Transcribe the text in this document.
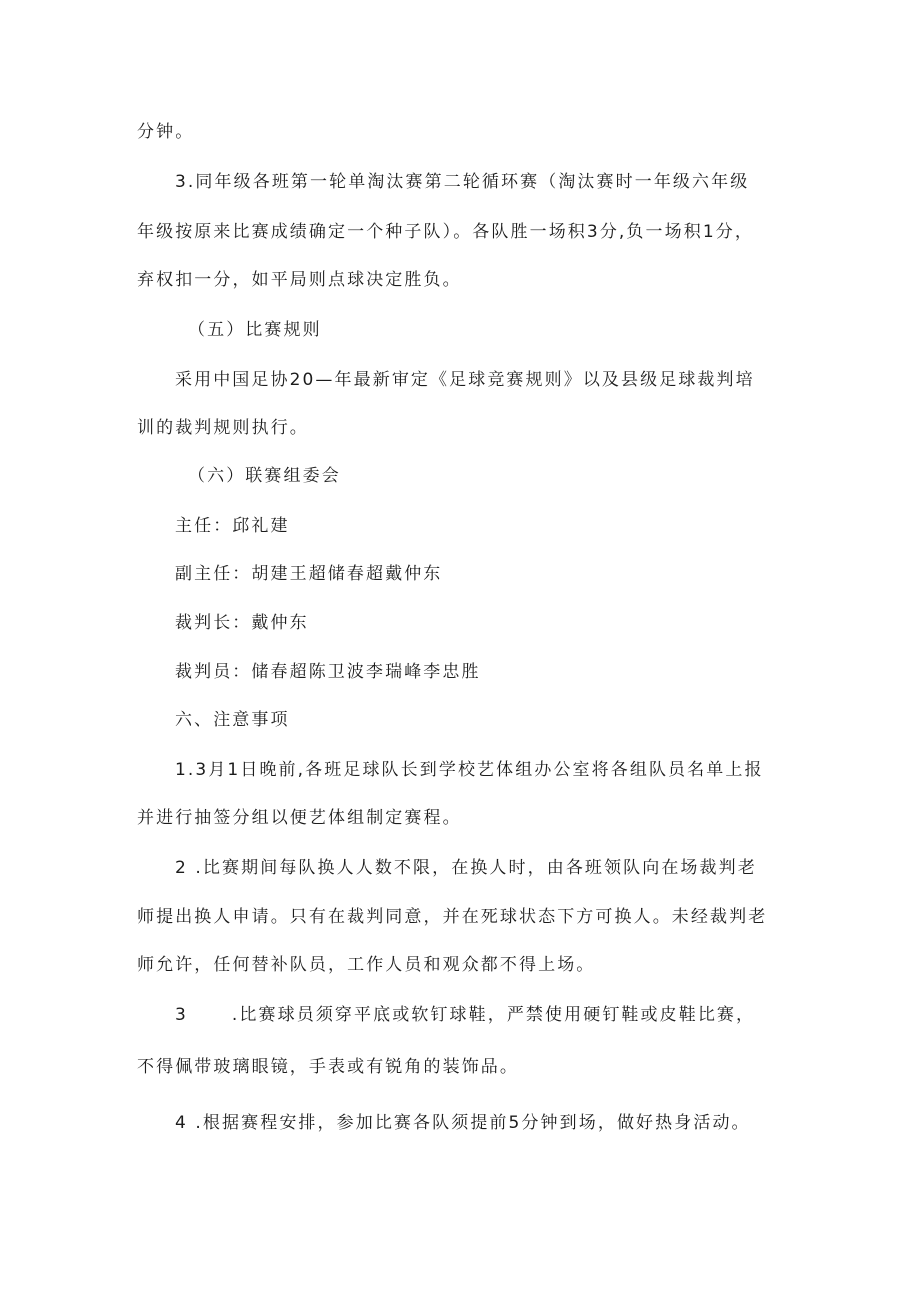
分钟。
3.同年级各班第一轮单淘汰赛第二轮循环赛（淘汰赛时一年级六年级
年级按原来比赛成绩确定一个种子队）。各队胜一场积3分,负一场积1分，
弃权扣一分，如平局则点球决定胜负。
（五）比赛规则
采用中国足协20—年最新审定《足球竞赛规则》以及县级足球裁判培
训的裁判规则执行。
（六）联赛组委会
主任：邱礼建
副主任：胡建王超储春超戴仲东
裁判长：戴仲东
裁判员：储春超陈卫波李瑞峰李忠胜
六、注意事项
1.3月1日晚前,各班足球队长到学校艺体组办公室将各组队员名单上报
并进行抽签分组以便艺体组制定赛程。
2 .比赛期间每队换人人数不限，在换人时，由各班领队向在场裁判老
师提出换人申请。只有在裁判同意，并在死球状态下方可换人。未经裁判老
师允许，任何替补队员，工作人员和观众都不得上场。
3	.比赛球员须穿平底或软钉球鞋，严禁使用硬钉鞋或皮鞋比赛，
不得佩带玻璃眼镜，手表或有锐角的装饰品。
4 .根据赛程安排，参加比赛各队须提前5分钟到场，做好热身活动。
